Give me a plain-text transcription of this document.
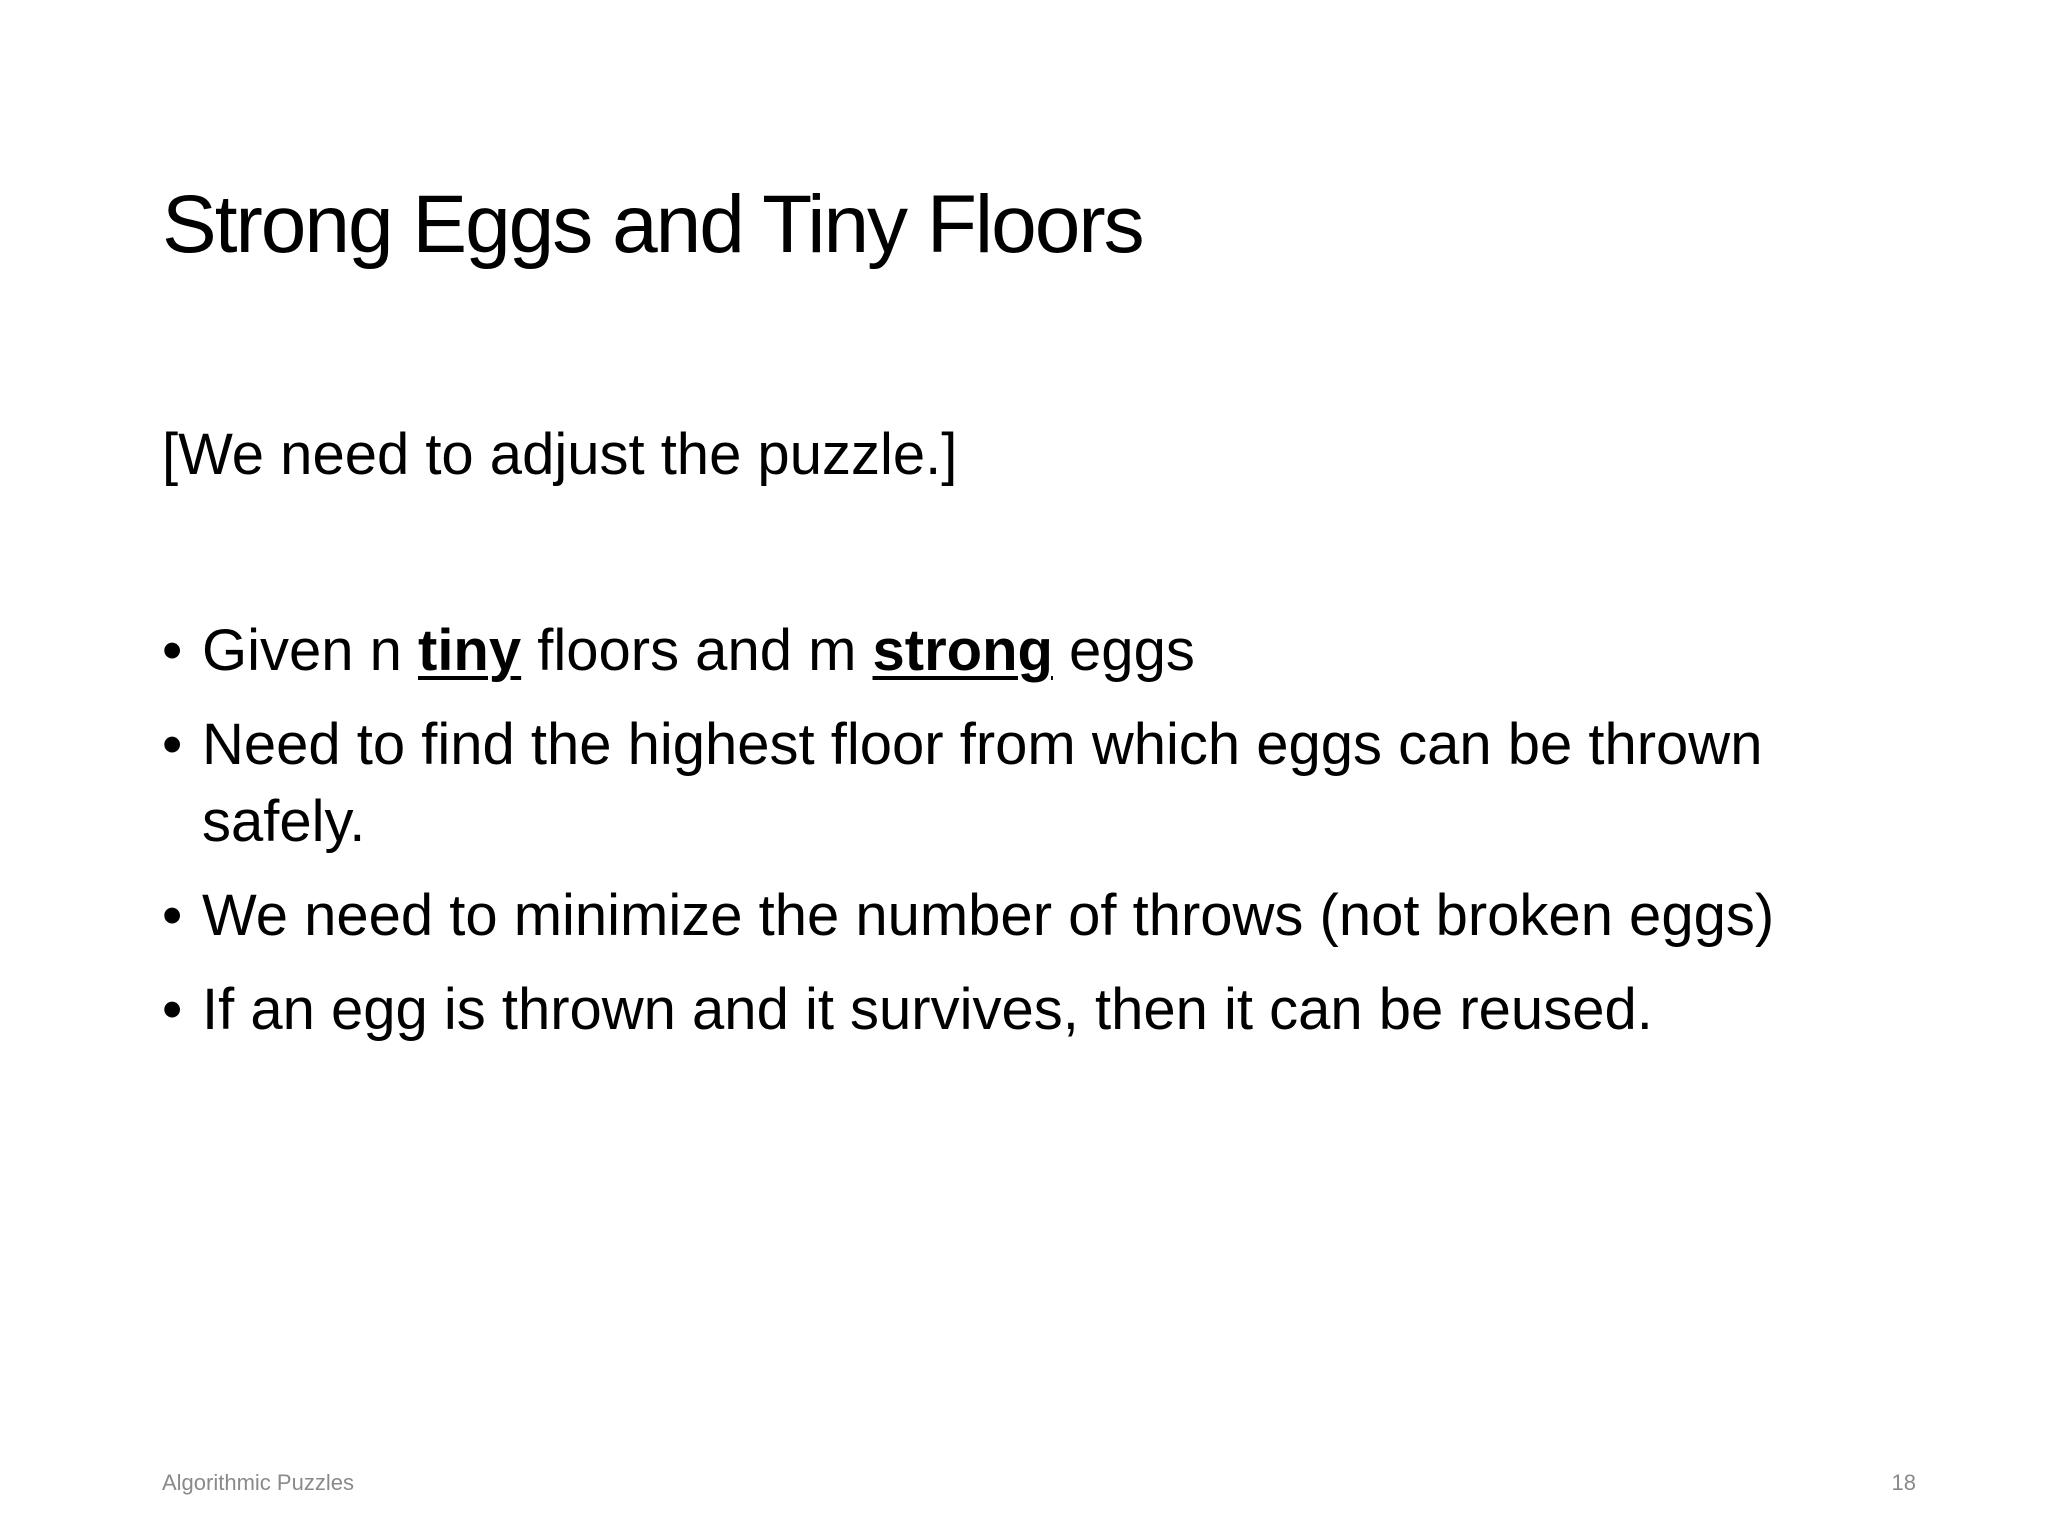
Strong Eggs and Tiny Floors
[We need to adjust the puzzle.]
• Given n tiny floors and m strong eggs
• Need to find the highest floor from which eggs can be thrown safely.
• We need to minimize the number of throws (not broken eggs)
• If an egg is thrown and it survives, then it can be reused.
Algorithmic Puzzles	18
